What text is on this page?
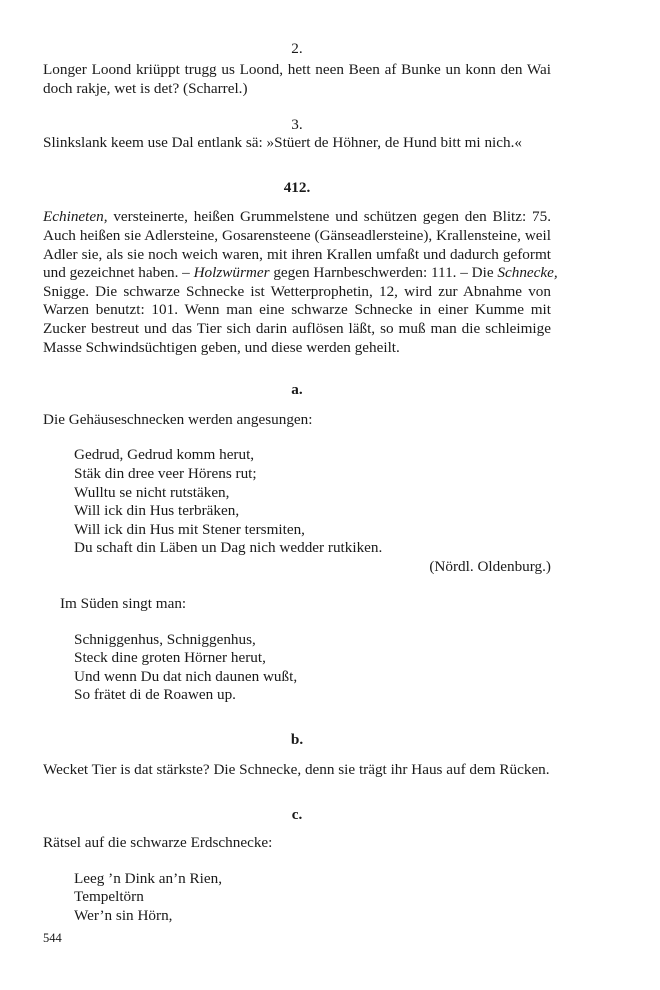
2.
Longer Loond kriüppt trugg us Loond, hett neen Been af Bunke un konn den Wai
doch rakje, wet is det? (Scharrel.)
3.
Slinkslank keem use Dal entlank sä: »Stüert de Höhner, de Hund bitt mi nich.«
412.
Echineten, versteinerte, heißen Grummelstene und schützen gegen den Blitz: 75.
Auch heißen sie Adlersteine, Gosarensteene (Gänseadlersteine), Krallensteine, weil
Adler sie, als sie noch weich waren, mit ihren Krallen umfaßt und dadurch geformt
und gezeichnet haben. – Holzwürmer gegen Harnbeschwerden: 111. – Die Schnecke,
Snigge. Die schwarze Schnecke ist Wetterprophetin, 12, wird zur Abnahme von
Warzen benutzt: 101. Wenn man eine schwarze Schnecke in einer Kumme mit
Zucker bestreut und das Tier sich darin auflösen läßt, so muß man die schleimige
Masse Schwindsüchtigen geben, und diese werden geheilt.
a.
Die Gehäuseschnecken werden angesungen:
Gedrud, Gedrud komm herut,
Stäk din dree veer Hörens rut;
Wulltu se nicht rutstäken,
Will ick din Hus terbräken,
Will ick din Hus mit Stener tersmiten,
Du schaft din Läben un Dag nich wedder rutkiken.
(Nördl. Oldenburg.)
Im Süden singt man:
Schniggenhus, Schniggenhus,
Steck dine groten Hörner herut,
Und wenn Du dat nich daunen wußt,
So frätet di de Roawen up.
b.
Wecket Tier is dat stärkste? Die Schnecke, denn sie trägt ihr Haus auf dem Rücken.
c.
Rätsel auf die schwarze Erdschnecke:
Leeg ’n Dink an’n Rien,
Tempeltörn
Wer’n sin Hörn,
544
